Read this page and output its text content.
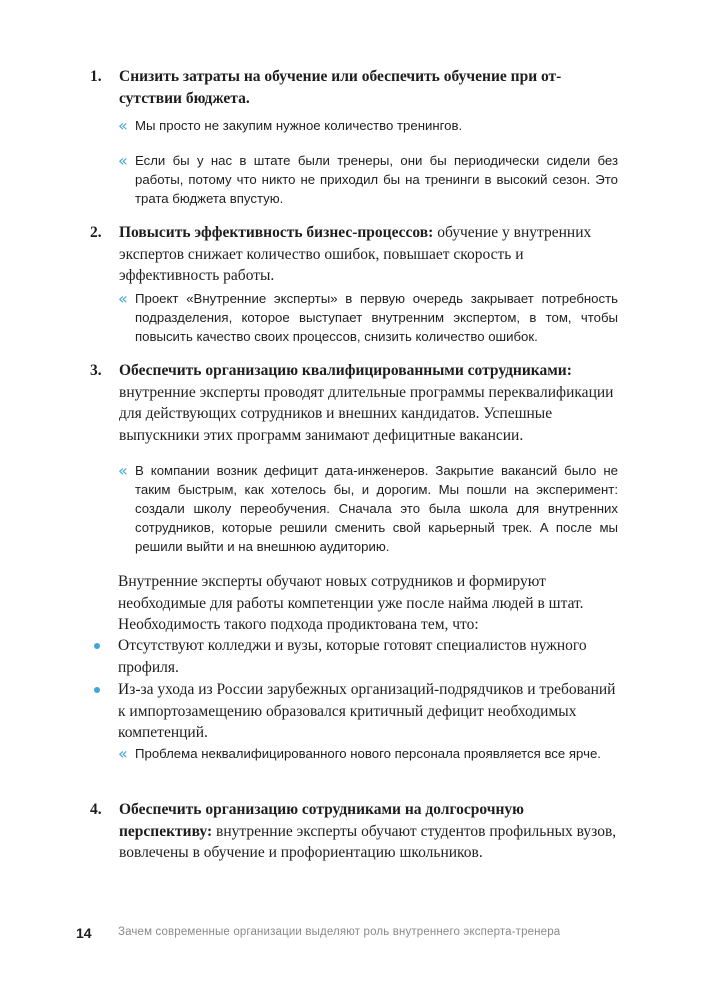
1. Снизить затраты на обучение или обеспечить обучение при от-сутствии бюджета.
« Мы просто не закупим нужное количество тренингов.
« Если бы у нас в штате были тренеры, они бы периодически сидели без работы, потому что никто не приходил бы на тренинги в высокий сезон. Это трата бюджета впустую.
2. Повысить эффективность бизнес-процессов: обучение у внутренних экспертов снижает количество ошибок, повышает скорость и эффективность работы.
« Проект «Внутренние эксперты» в первую очередь закрывает потребность подразделения, которое выступает внутренним экспертом, в том, чтобы повысить качество своих процессов, снизить количество ошибок.
3. Обеспечить организацию квалифицированными сотрудниками: внутренние эксперты проводят длительные программы переквалификации для действующих сотрудников и внешних кандидатов. Успешные выпускники этих программ занимают дефицитные вакансии.
« В компании возник дефицит дата-инженеров. Закрытие вакансий было не таким быстрым, как хотелось бы, и дорогим. Мы пошли на эксперимент: создали школу переобучения. Сначала это была школа для внутренних сотрудников, которые решили сменить свой карьерный трек. А после мы решили выйти и на внешнюю аудиторию.
Внутренние эксперты обучают новых сотрудников и формируют необходимые для работы компетенции уже после найма людей в штат. Необходимость такого подхода продиктована тем, что:
Отсутствуют колледжи и вузы, которые готовят специалистов нужного профиля.
Из-за ухода из России зарубежных организаций-подрядчиков и требований к импортозамещению образовался критичный дефицит необходимых компетенций.
« Проблема неквалифицированного нового персонала проявляется все ярче.
4. Обеспечить организацию сотрудниками на долгосрочную перспективу: внутренние эксперты обучают студентов профильных вузов, вовлечены в обучение и профориентацию школьников.
14 Зачем современные организации выделяют роль внутреннего эксперта-тренера
